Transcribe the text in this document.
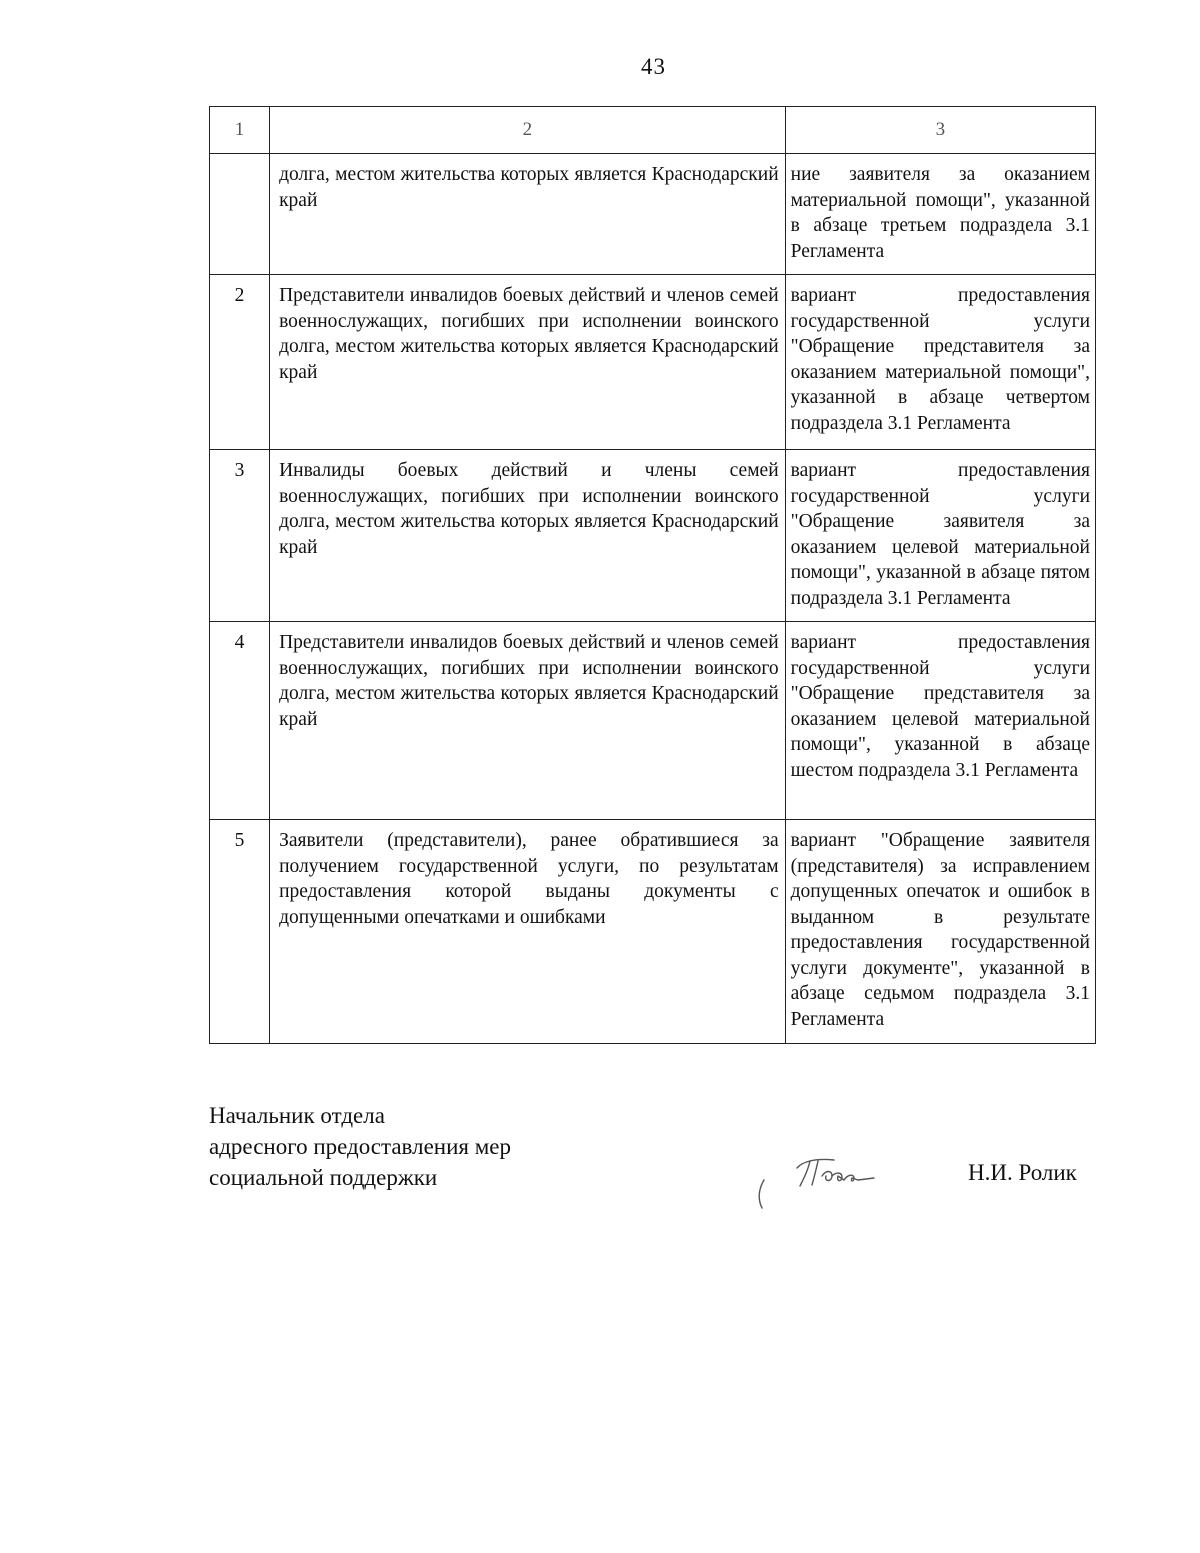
43
1	2	3
	долга, местом жительства которых является Краснодарский край	ние заявителя за оказанием материальной помощи", указанной в абзаце третьем подраздела 3.1 Регламента
2	Представители инвалидов боевых действий и членов семей военнослужащих, погибших при исполнении воинского долга, местом жительства которых является Краснодарский край	вариант предоставления государственной услуги "Обращение представителя за оказанием материальной помощи", указанной в абзаце четвертом подраздела 3.1 Регламента
3	Инвалиды боевых действий и члены семей военнослужащих, погибших при исполнении воинского долга, местом жительства которых является Краснодарский край	вариант предоставления государственной услуги "Обращение заявителя за оказанием целевой материальной помощи", указанной в абзаце пятом подраздела 3.1 Регламента
4	Представители инвалидов боевых действий и членов семей военнослужащих, погибших при исполнении воинского долга, местом жительства которых является Краснодарский край	вариант предоставления государственной услуги "Обращение представителя за оказанием целевой материальной помощи", указанной в абзаце шестом подраздела 3.1 Регламента
5	Заявители (представители), ранее обратившиеся за получением государственной услуги, по результатам предоставления которой выданы документы с допущенными опечатками и ошибками	вариант "Обращение заявителя (представителя) за исправлением допущенных опечаток и ошибок в выданном в результате предоставления государственной услуги документе", указанной в абзаце седьмом подраздела 3.1 Регламента
Начальник отдела
адресного предоставления мер
социальной поддержки	Н.И. Ролик
